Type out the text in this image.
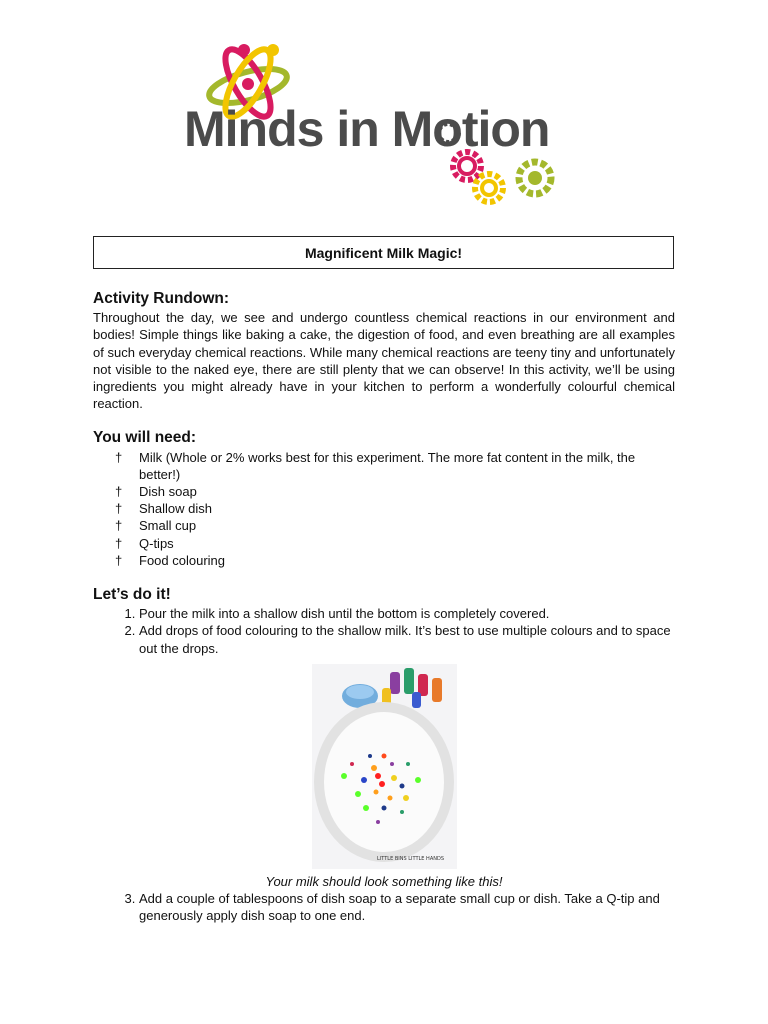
Minds in Motion
Magnificent Milk Magic!
Activity Rundown:

Throughout the day, we see and undergo countless chemical reactions in our environment and bodies! Simple things like baking a cake, the digestion of food, and even breathing are all examples of such everyday chemical reactions. While many chemical reactions are teeny tiny and unfortunately not visible to the naked eye, there are still plenty that we can observe! In this activity, we’ll be using ingredients you might already have in your kitchen to perform a wonderfully colourful chemical reaction.

You will need:
† Milk (Whole or 2% works best for this experiment. The more fat content in the milk, the better!)
† Dish soap
† Shallow dish
† Small cup
† Q-tips
† Food colouring
Let’s do it!
1. Pour the milk into a shallow dish until the bottom is completely covered.
2. Add drops of food colouring to the shallow milk. It’s best to use multiple colours and to space out the drops.
LITTLE BINS LITTLE HANDS

Your milk should look something like this!

3. Add a couple of tablespoons of dish soap to a separate small cup or dish. Take a Q-tip and generously apply dish soap to one end.
